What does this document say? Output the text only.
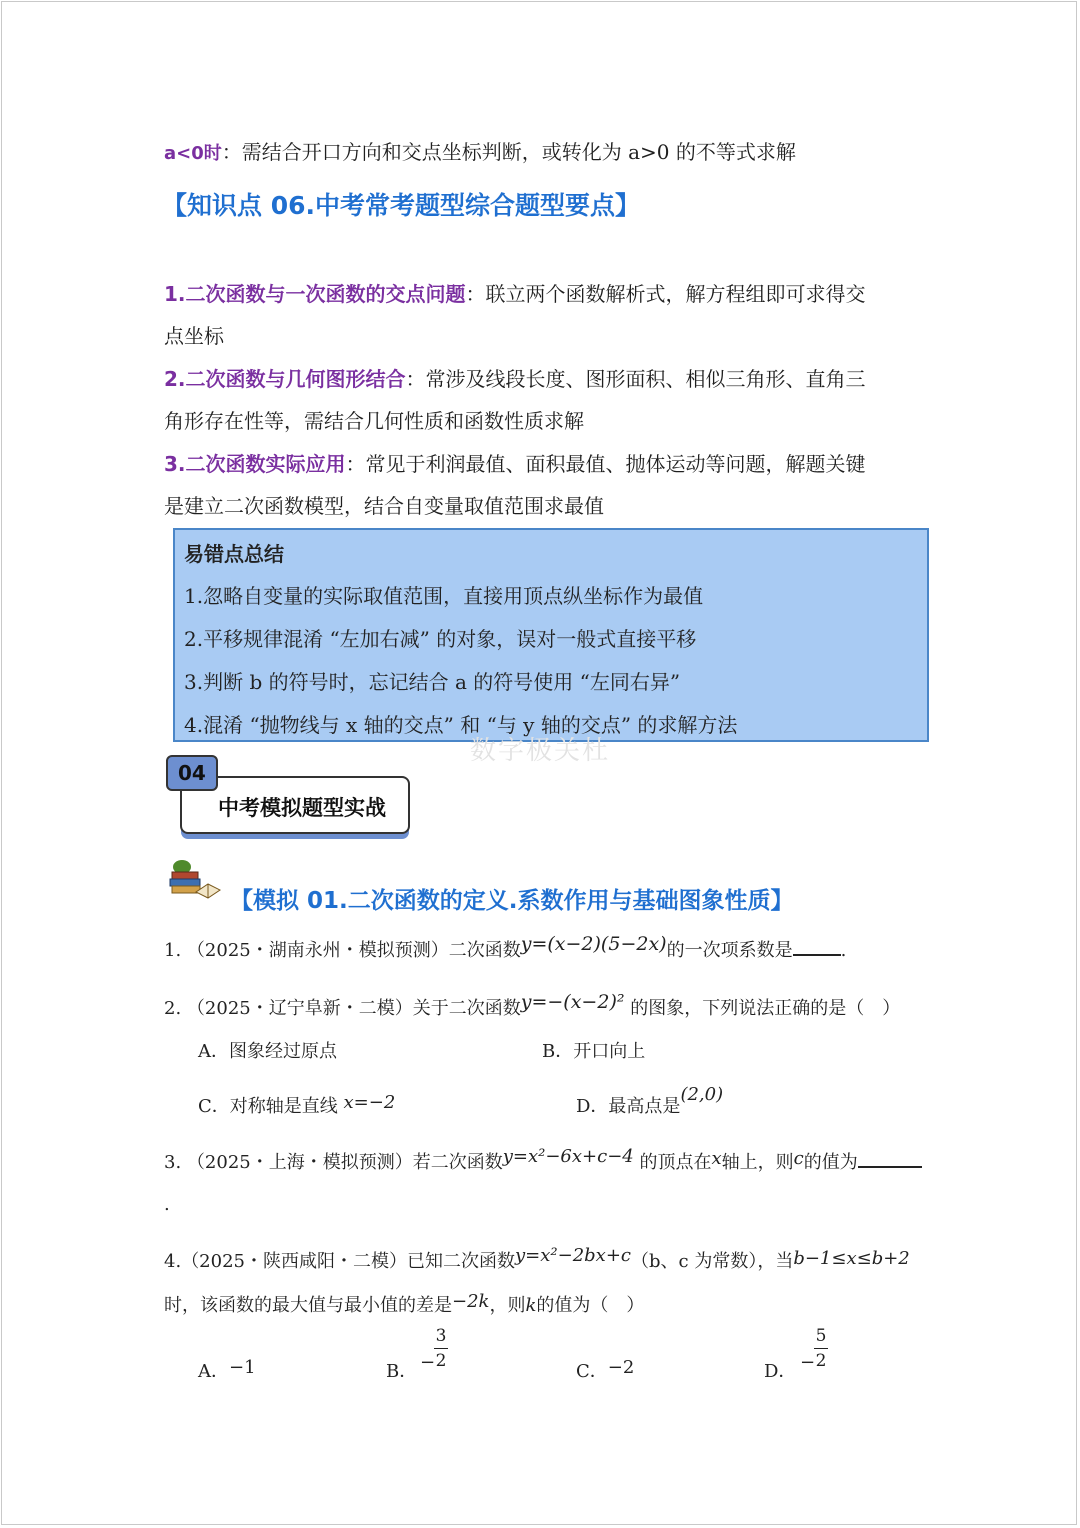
a<0时：需结合开口方向和交点坐标判断，或转化为 a>0 的不等式求解
【知识点 06.中考常考题型综合题型要点】
1.二次函数与一次函数的交点问题：联立两个函数解析式，解方程组即可求得交
点坐标
2.二次函数与几何图形结合：常涉及线段长度、图形面积、相似三角形、直角三
角形存在性等，需结合几何性质和函数性质求解
3.二次函数实际应用：常见于利润最值、面积最值、抛体运动等问题，解题关键
是建立二次函数模型，结合自变量取值范围求最值
易错点总结
1.忽略自变量的实际取值范围，直接用顶点纵坐标作为最值
2.平移规律混淆 “左加右减” 的对象，误对一般式直接平移
3.判断 b 的符号时，忘记结合 a 的符号使用 “左同右异”
4.混淆 “抛物线与 x 轴的交点” 和 “与 y 轴的交点” 的求解方法
数字极关杜
中考模拟题型实战
04
【模拟 01.二次函数的定义.系数作用与基础图象性质】
1. （2025・湖南永州・模拟预测）二次函数y=(x−2)(5−2x)的一次项系数是	.
2. （2025・辽宁阜新・二模）关于二次函数y=−(x−2)² 的图象，下列说法正确的是（　）
A．图象经过原点	B．开口向上
C．对称轴是直线 x=−2	D．最高点是(2,0)
3. （2025・上海・模拟预测）若二次函数y=x²−6x+c−4 的顶点在x轴上，则c的值为
.
4.（2025・陕西咸阳・二模）已知二次函数y=x²−2bx+c（b、c 为常数），当b−1≤x≤b+2
时，该函数的最大值与最小值的差是−2k，则k的值为（　）
A．−1	B． −
3
2	C．−2	D． −
5
2
